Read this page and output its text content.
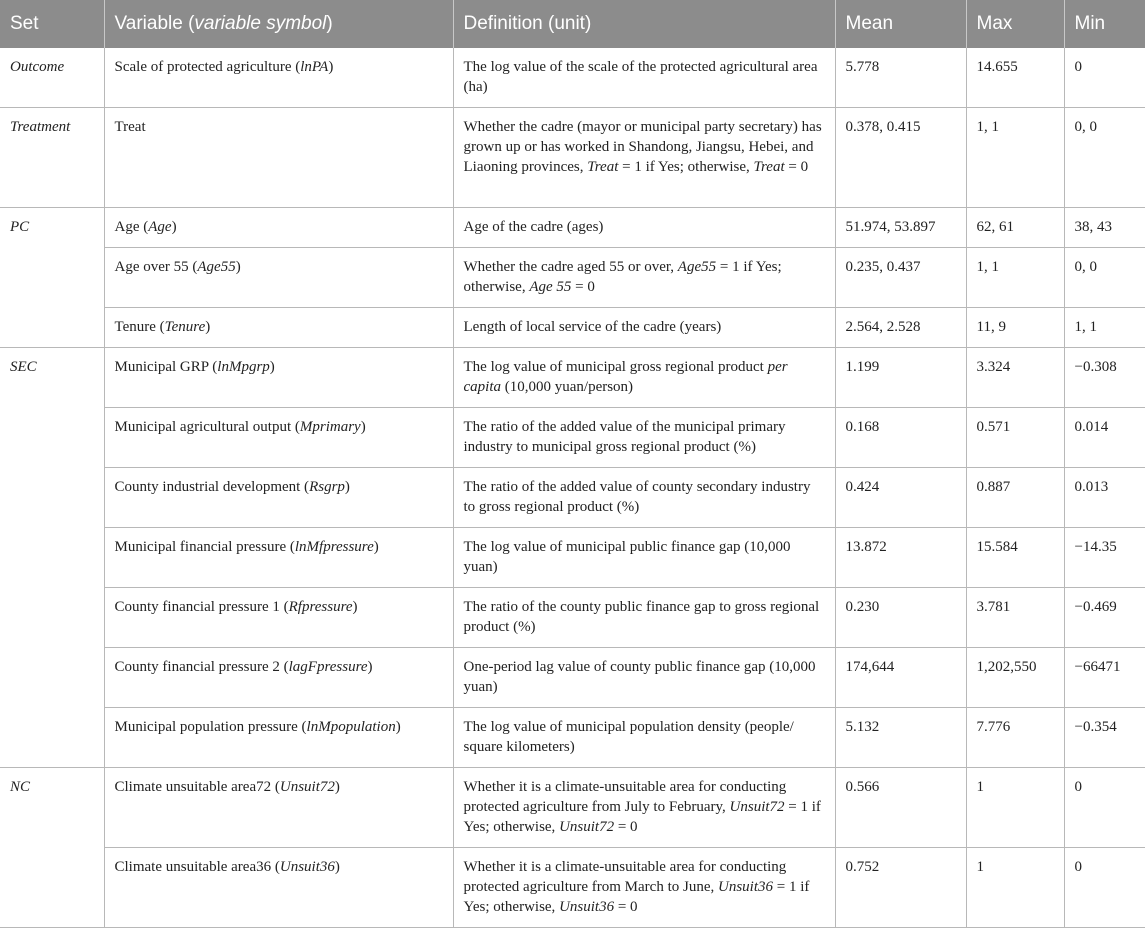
Set	Variable (variable symbol)	Definition (unit)	Mean	Max	Min
Outcome	Scale of protected agriculture (lnPA)	The log value of the scale of the protected agricultural area (ha)	5.778	14.655	0
Treatment	Treat	Whether the cadre (mayor or municipal party secretary) has grown up or has worked in Shandong, Jiangsu, Hebei, and Liaoning provinces, Treat = 1 if Yes; otherwise, Treat = 0	0.378, 0.415	1, 1	0, 0
PC	Age (Age)	Age of the cadre (ages)	51.974, 53.897	62, 61	38, 43
	Age over 55 (Age55)	Whether the cadre aged 55 or over, Age55 = 1 if Yes; otherwise, Age 55 = 0	0.235, 0.437	1, 1	0, 0
	Tenure (Tenure)	Length of local service of the cadre (years)	2.564, 2.528	11, 9	1, 1
SEC	Municipal GRP (lnMpgrp)	The log value of municipal gross regional product per capita (10,000 yuan/person)	1.199	3.324	−0.308
	Municipal agricultural output (Mprimary)	The ratio of the added value of the municipal primary industry to municipal gross regional product (%)	0.168	0.571	0.014
	County industrial development (Rsgrp)	The ratio of the added value of county secondary industry to gross regional product (%)	0.424	0.887	0.013
	Municipal financial pressure (lnMfpressure)	The log value of municipal public finance gap (10,000 yuan)	13.872	15.584	−14.35
	County financial pressure 1 (Rfpressure)	The ratio of the county public finance gap to gross regional product (%)	0.230	3.781	−0.469
	County financial pressure 2 (lagFpressure)	One-period lag value of county public finance gap (10,000 yuan)	174,644	1,202,550	−66471
	Municipal population pressure (lnMpopulation)	The log value of municipal population density (people/ square kilometers)	5.132	7.776	−0.354
NC	Climate unsuitable area72 (Unsuit72)	Whether it is a climate-unsuitable area for conducting protected agriculture from July to February, Unsuit72 = 1 if Yes; otherwise, Unsuit72 = 0	0.566	1	0
	Climate unsuitable area36 (Unsuit36)	Whether it is a climate-unsuitable area for conducting protected agriculture from March to June, Unsuit36 = 1 if Yes; otherwise, Unsuit36 = 0	0.752	1	0
